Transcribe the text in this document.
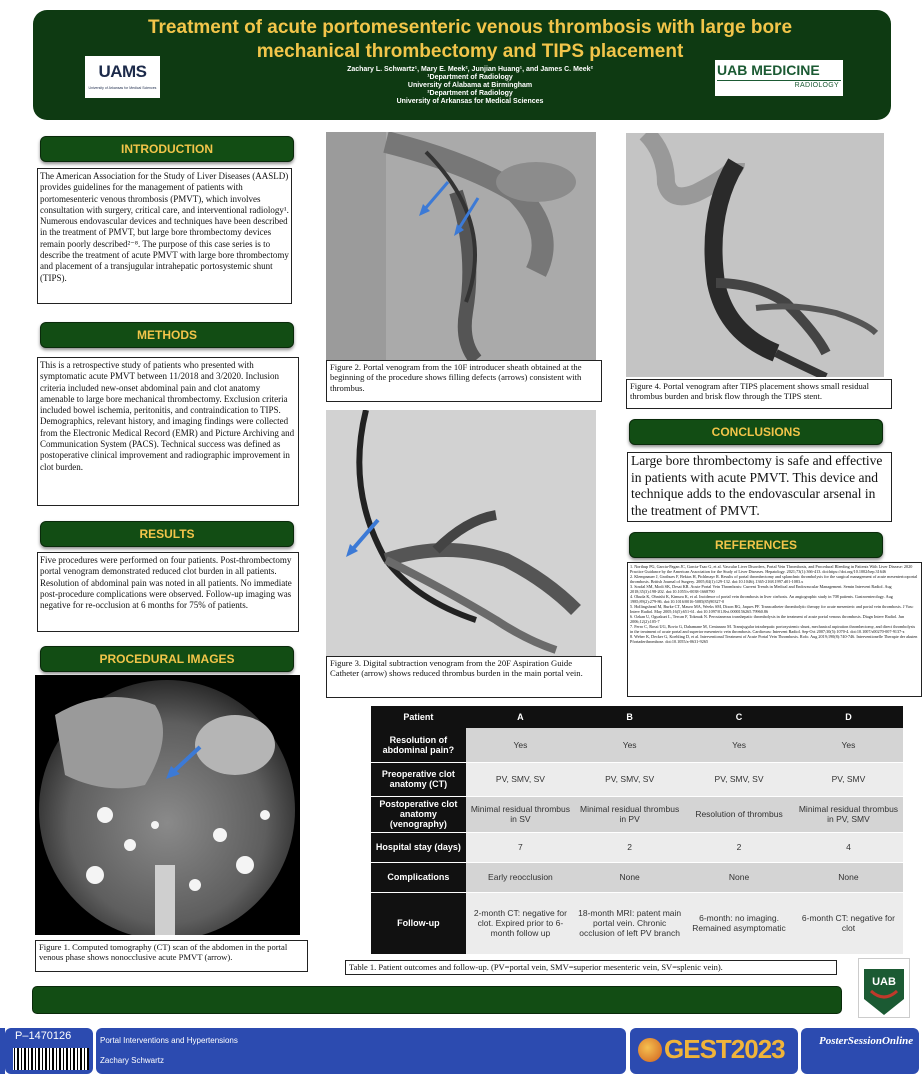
Treatment of acute portomesenteric venous thrombosis with large bore
mechanical thrombectomy and TIPS placement
Zachary L. Schwartz¹, Mary E. Meek², Junjian Huang¹, and James C. Meek²
¹Department of Radiology
University of Alabama at Birmingham
²Department of Radiology
University of Arkansas for Medical Sciences
UAMS
University of Arkansas for Medical Sciences
UAB MEDICINE
RADIOLOGY
INTRODUCTION
The American Association for the Study of Liver Diseases (AASLD) provides guidelines for the management of patients with portomesenteric venous thrombosis (PMVT), which involves consultation with surgery, critical care, and interventional radiology¹. Numerous endovascular devices and techniques have been described in the treatment of PMVT, but large bore thrombectomy devices remain poorly described²⁻⁸. The purpose of this case series is to describe the treatment of acute PMVT with large bore thrombectomy and placement of a transjugular intrahepatic portosystemic shunt (TIPS).
METHODS
This is a retrospective study of patients who presented with symptomatic acute PMVT between 11/2018 and 3/2020. Inclusion criteria included new-onset abdominal pain and clot anatomy amenable to large bore mechanical thrombectomy. Exclusion criteria included bowel ischemia, peritonitis, and contraindication to TIPS. Demographics, relevant history, and imaging findings were collected from the Electronic Medical Record (EMR) and Picture Archiving and Communication System (PACS). Technical success was defined as postoperative clinical improvement and radiographic improvement in clot burden.
RESULTS
Five procedures were performed on four patients. Post-thrombectomy portal venogram demonstrated reduced clot burden in all patients. Resolution of abdominal pain was noted in all patients. No immediate post-procedure complications were observed. Follow-up imaging was negative for re-occlusion at 6 months for 75% of patients.
PROCEDURAL IMAGES
Figure 1. Computed tomography (CT) scan of the abdomen in the portal venous phase shows nonocclusive acute PMVT (arrow).
Figure 2. Portal venogram from the 10F introducer sheath obtained at the beginning of the procedure shows filling defects (arrows) consistent with thrombus.
Figure 3. Digital subtraction venogram from the 20F Aspiration Guide Catheter (arrow) shows reduced thrombus burden in the main portal vein.
Figure 4. Portal venogram after TIPS placement shows small residual thrombus burden and brisk flow through the TIPS stent.
CONCLUSIONS
Large bore thrombectomy is safe and effective in patients with acute PMVT. This device and technique adds to the endovascular arsenal in the treatment of PMVT.
REFERENCES
1. Northup PG, Garcia-Pagan JC, Garcia-Tsao G, et al. Vascular Liver Disorders, Portal Vein Thrombosis, and Procedural Bleeding in Patients With Liver Disease: 2020 Practice Guidance by the American Association for the Study of Liver Diseases. Hepatology. 2021;73(1):366-413. doi:https://doi.org/10.1002/hep.31646
2. Klempnauer J, Grothues F, Bektas H, Pichlmayr R. Results of portal thrombectomy and splanchnic thrombolysis for the surgical management of acute mesentericoportal thrombosis. British Journal of Surgery. 2005;84(1):129-132. doi:10.1046/j.1365-2168.1997.d01-1083.x
3. Sosdal SM, Modi SK, Desai KR. Acute Portal Vein Thrombosis: Current Trends in Medical and Endovascular Management. Semin Intervent Radiol. Aug 2018;35(3):198-202. doi:10.1055/s-0038-1668790
4. Okuda K, Ohnishi K, Kimura K, et al. Incidence of portal vein thrombosis in liver cirrhosis. An angiographic study in 708 patients. Gastroenterology. Aug 1985;89(2):279-86. doi:10.1016/0016-5085(85)90327-0
5. Hollingshead M, Burke CT, Mauro MA, Weeks SM, Dixon RG, Jaques PF. Transcatheter thrombolytic therapy for acute mesenteric and portal vein thrombosis. J Vasc Interv Radiol. May 2005;16(5):651-61. doi:10.1097/01.Rvi.0000156265.79960.86
6. Ozkan U, Oguzkurt L, Tercan F, Tokmak N. Percutaneous transhepatic thrombolysis in the treatment of acute portal venous thrombosis. Diagn Interv Radiol. Jun 2006;12(2):105-7
7. Ferro C, Rossi UG, Bovio G, Dahamane M, Centanaro M. Transjugular intrahepatic portosystemic shunt, mechanical aspiration thrombectomy, and direct thrombolysis in the treatment of acute portal and superior mesenteric vein thrombosis. Cardiovasc Intervent Radiol. Sep-Oct 2007;30(5):1070-4. doi:10.1007/s00270-007-9137-z
8. Weber K, Decker G, Koehling D, et al. Interventional Treatment of Acute Portal Vein Thrombosis. Rofo. Aug 2019;190(8):740-746. Interventionelle Therapie der akuten Pfortaderthrombose. doi:10.1055/a-0631-9265
Patient	A	B	C	D
Resolution of abdominal pain?	Yes	Yes	Yes	Yes
Preoperative clot anatomy (CT)	PV, SMV, SV	PV, SMV, SV	PV, SMV, SV	PV, SMV
Postoperative clot anatomy (venography)	Minimal residual thrombus in SV	Minimal residual thrombus in PV	Resolution of thrombus	Minimal residual thrombus in PV, SMV
Hospital stay (days)	7	2	2	4
Complications	Early reocclusion	None	None	None
Follow-up	2-month CT: negative for clot. Expired prior to 6-month follow up	18-month MRI: patent main portal vein. Chronic occlusion of left PV branch	6-month: no imaging. Remained asymptomatic	6-month CT: negative for clot
Table 1. Patient outcomes and follow-up. (PV=portal vein, SMV=superior mesenteric vein, SV=splenic vein).
UAB
P–1470126	Portal Interventions and Hypertensions
Zachary Schwartz	GEST2023	PosterSessionOnline
